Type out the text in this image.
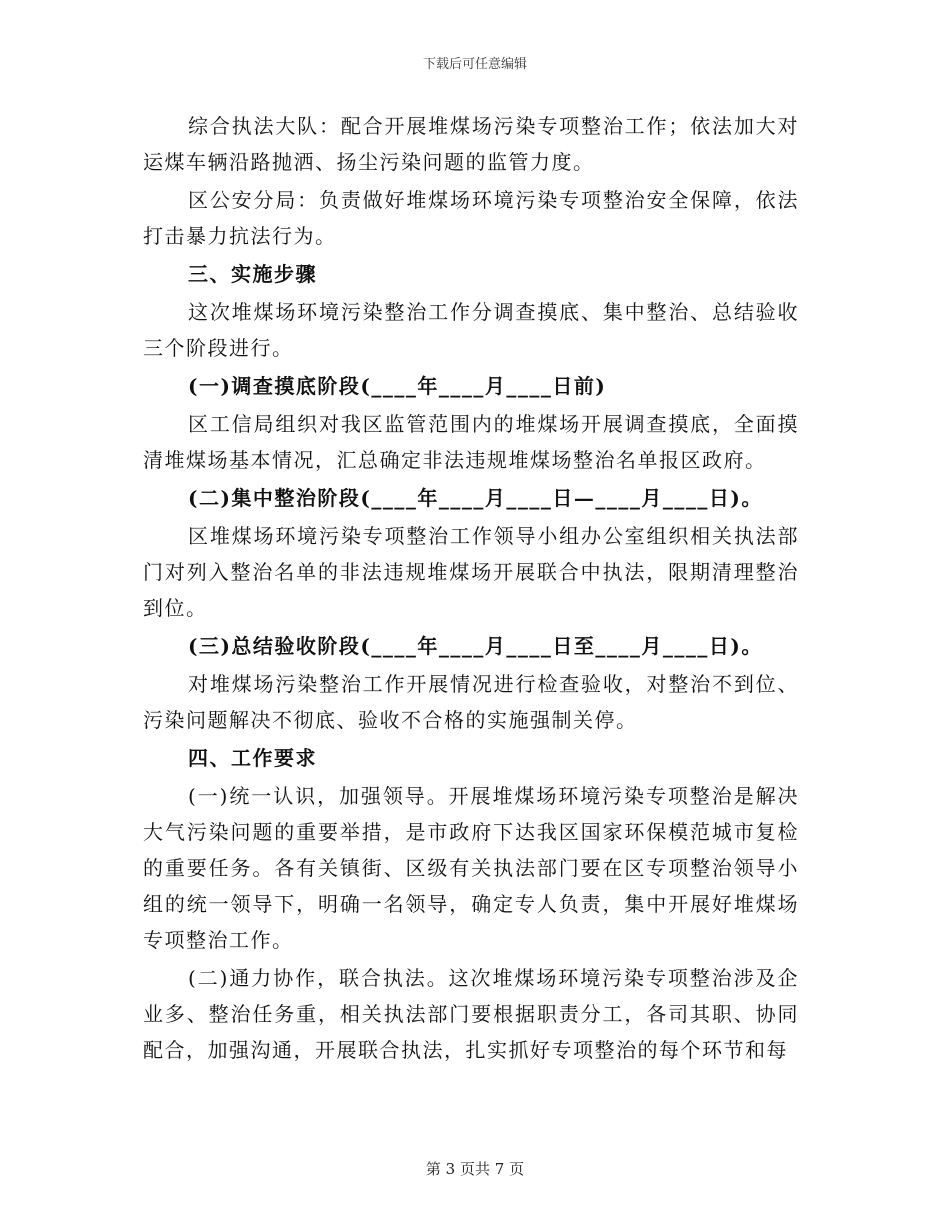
下载后可任意编辑

综合执法大队：配合开展堆煤场污染专项整治工作；依法加大对运煤车辆沿路抛洒、扬尘污染问题的监管力度。

区公安分局：负责做好堆煤场环境污染专项整治安全保障，依法打击暴力抗法行为。

三、实施步骤

这次堆煤场环境污染整治工作分调查摸底、集中整治、总结验收三个阶段进行。

(一)调查摸底阶段(____年____月____日前)

区工信局组织对我区监管范围内的堆煤场开展调查摸底，全面摸清堆煤场基本情况，汇总确定非法违规堆煤场整治名单报区政府。

(二)集中整治阶段(____年____月____日—____月____日)。

区堆煤场环境污染专项整治工作领导小组办公室组织相关执法部门对列入整治名单的非法违规堆煤场开展联合中执法，限期清理整治到位。

(三)总结验收阶段(____年____月____日至____月____日)。

对堆煤场污染整治工作开展情况进行检查验收，对整治不到位、污染问题解决不彻底、验收不合格的实施强制关停。

四、工作要求

(一)统一认识，加强领导。开展堆煤场环境污染专项整治是解决大气污染问题的重要举措，是市政府下达我区国家环保模范城市复检的重要任务。各有关镇街、区级有关执法部门要在区专项整治领导小组的统一领导下，明确一名领导，确定专人负责，集中开展好堆煤场专项整治工作。

(二)通力协作，联合执法。这次堆煤场环境污染专项整治涉及企业多、整治任务重，相关执法部门要根据职责分工，各司其职、协同配合，加强沟通，开展联合执法，扎实抓好专项整治的每个环节和每

第 3 页共 7 页
